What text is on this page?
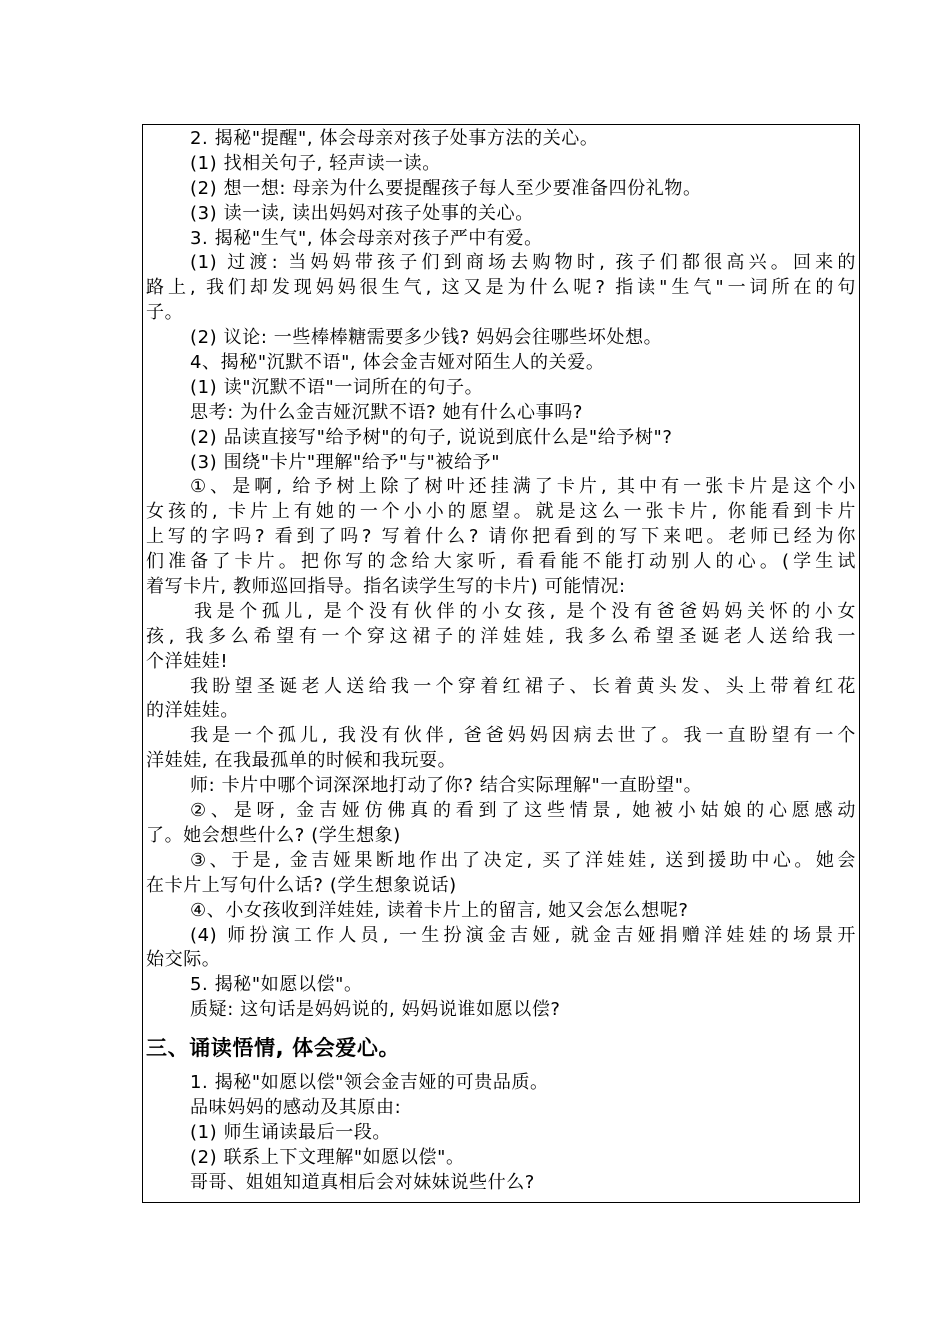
2. 揭秘"提醒", 体会母亲对孩子处事方法的关心。
(1) 找相关句子, 轻声读一读。
(2) 想一想: 母亲为什么要提醒孩子每人至少要准备四份礼物。
(3) 读一读, 读出妈妈对孩子处事的关心。
3. 揭秘"生气", 体会母亲对孩子严中有爱。
(1) 过渡: 当妈妈带孩子们到商场去购物时, 孩子们都很高兴。回来的
路上, 我们却发现妈妈很生气, 这又是为什么呢? 指读"生气"一词所在的句
子。
(2) 议论: 一些棒棒糖需要多少钱? 妈妈会往哪些坏处想。
4、揭秘"沉默不语", 体会金吉娅对陌生人的关爱。
(1) 读"沉默不语"一词所在的句子。
思考: 为什么金吉娅沉默不语? 她有什么心事吗?
(2) 品读直接写"给予树"的句子, 说说到底什么是"给予树"?
(3) 围绕"卡片"理解"给予"与"被给予"
①、是啊, 给予树上除了树叶还挂满了卡片, 其中有一张卡片是这个小
女孩的, 卡片上有她的一个小小的愿望。就是这么一张卡片, 你能看到卡片
上写的字吗? 看到了吗? 写着什么? 请你把看到的写下来吧。老师已经为你
们准备了卡片。把你写的念给大家听, 看看能不能打动别人的心。(学生试
着写卡片, 教师巡回指导。指名读学生写的卡片) 可能情况:
我是个孤儿, 是个没有伙伴的小女孩, 是个没有爸爸妈妈关怀的小女
孩, 我多么希望有一个穿这裙子的洋娃娃, 我多么希望圣诞老人送给我一
个洋娃娃!
我盼望圣诞老人送给我一个穿着红裙子、长着黄头发、头上带着红花
的洋娃娃。
我是一个孤儿, 我没有伙伴, 爸爸妈妈因病去世了。我一直盼望有一个
洋娃娃, 在我最孤单的时候和我玩耍。
师: 卡片中哪个词深深地打动了你? 结合实际理解"一直盼望"。
②、是呀, 金吉娅仿佛真的看到了这些情景, 她被小姑娘的心愿感动
了。她会想些什么? (学生想象)
③、于是, 金吉娅果断地作出了决定, 买了洋娃娃, 送到援助中心。她会
在卡片上写句什么话? (学生想象说话)
④、小女孩收到洋娃娃, 读着卡片上的留言, 她又会怎么想呢?
(4) 师扮演工作人员, 一生扮演金吉娅, 就金吉娅捐赠洋娃娃的场景开
始交际。
5. 揭秘"如愿以偿"。
质疑: 这句话是妈妈说的, 妈妈说谁如愿以偿?
三、诵读悟情, 体会爱心。
1. 揭秘"如愿以偿"领会金吉娅的可贵品质。
品味妈妈的感动及其原由:
(1) 师生诵读最后一段。
(2) 联系上下文理解"如愿以偿"。
哥哥、姐姐知道真相后会对妹妹说些什么?
